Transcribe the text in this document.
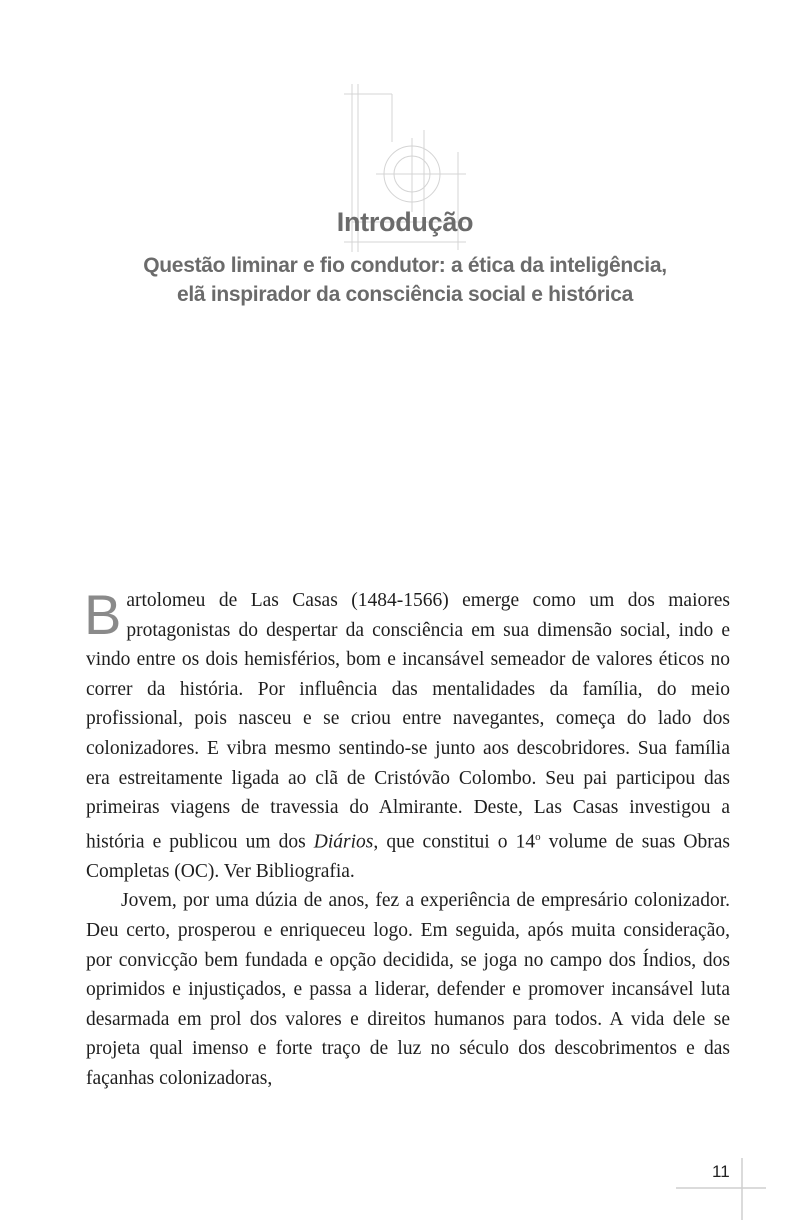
Introdução
Questão liminar e fio condutor: a ética da inteligência,
elã inspirador da consciência social e histórica

Bartolomeu de Las Casas (1484-1566) emerge como um dos maiores protagonistas do despertar da consciência em sua dimensão social, indo e vindo entre os dois hemisférios, bom e incansável semeador de valores éticos no correr da história. Por influência das mentalidades da família, do meio profissional, pois nasceu e se criou entre navegantes, começa do lado dos colonizadores. E vibra mesmo sentindo-se junto aos descobridores. Sua família era estreitamente ligada ao clã de Cristóvão Colombo. Seu pai participou das primeiras viagens de travessia do Almirante. Deste, Las Casas investigou a história e publicou um dos Diários, que constitui o 14$^o$ volume de suas Obras Completas (OC). Ver Bibliografia.

Jovem, por uma dúzia de anos, fez a experiência de empresário colonizador. Deu certo, prosperou e enriqueceu logo. Em seguida, após muita consideração, por convicção bem fundada e opção decidida, se joga no campo dos Índios, dos oprimidos e injustiçados, e passa a liderar, defender e promover incansável luta desarmada em prol dos valores e direitos humanos para todos. A vida dele se projeta qual imenso e forte traço de luz no século dos descobrimentos e das façanhas colonizadoras,

11
